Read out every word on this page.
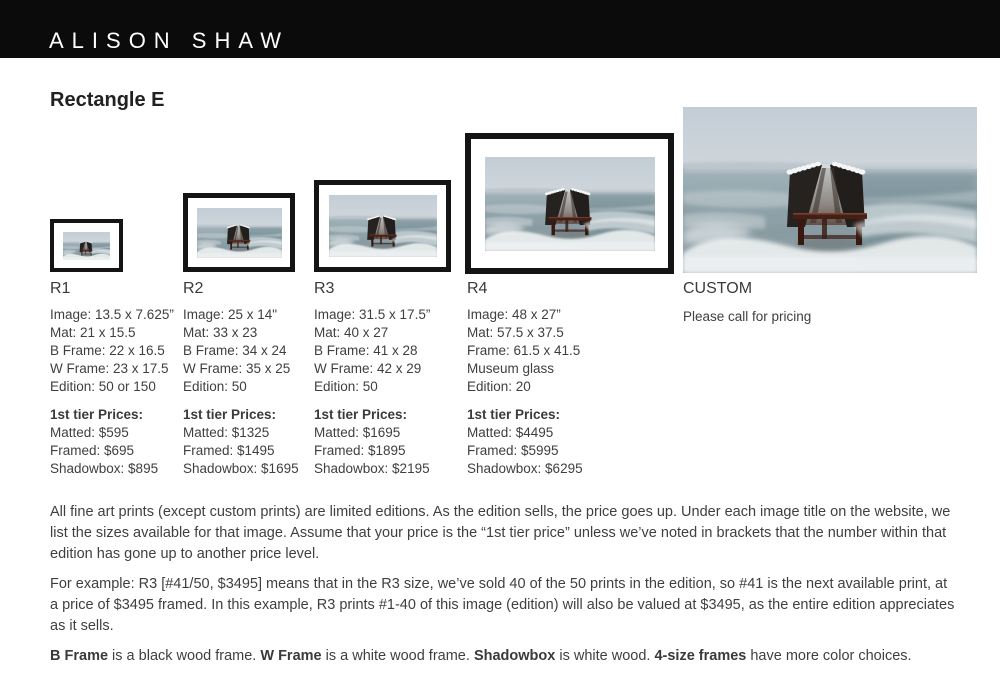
ALISON SHAW
Rectangle E
R1
Image: 13.5 x 7.625”
Mat: 21 x 15.5
B Frame: 22 x 16.5
W Frame: 23 x 17.5
Edition: 50 or 150
1st tier Prices:
Matted: $595
Framed: $695
Shadowbox: $895
R2
Image: 25 x 14"
Mat: 33 x 23
B Frame: 34 x 24
W Frame: 35 x 25
Edition: 50
1st tier Prices:
Matted: $1325
Framed: $1495
Shadowbox: $1695
R3
Image: 31.5 x 17.5”
Mat: 40 x 27
B Frame: 41 x 28
W Frame: 42 x 29
Edition: 50
1st tier Prices:
Matted: $1695
Framed: $1895
Shadowbox: $2195
R4
Image: 48 x 27”
Mat: 57.5 x 37.5
Frame: 61.5 x 41.5
Museum glass
Edition: 20
1st tier Prices:
Matted: $4495
Framed: $5995
Shadowbox: $6295
CUSTOM
Please call for pricing

All fine art prints (except custom prints) are limited editions. As the edition sells, the price goes up. Under each image title on the website, we list the sizes available for that image. Assume that your price is the “1st tier price” unless we’ve noted in brackets that the number within that edition has gone up to another price level.

For example: R3 [#41/50, $3495] means that in the R3 size, we’ve sold 40 of the 50 prints in the edition, so #41 is the next available print, at a price of $3495 framed. In this example, R3 prints #1-40 of this image (edition) will also be valued at $3495, as the entire edition appreciates as it sells.

B Frame is a black wood frame. W Frame is a white wood frame. Shadowbox is white wood. 4-size frames have more color choices.
